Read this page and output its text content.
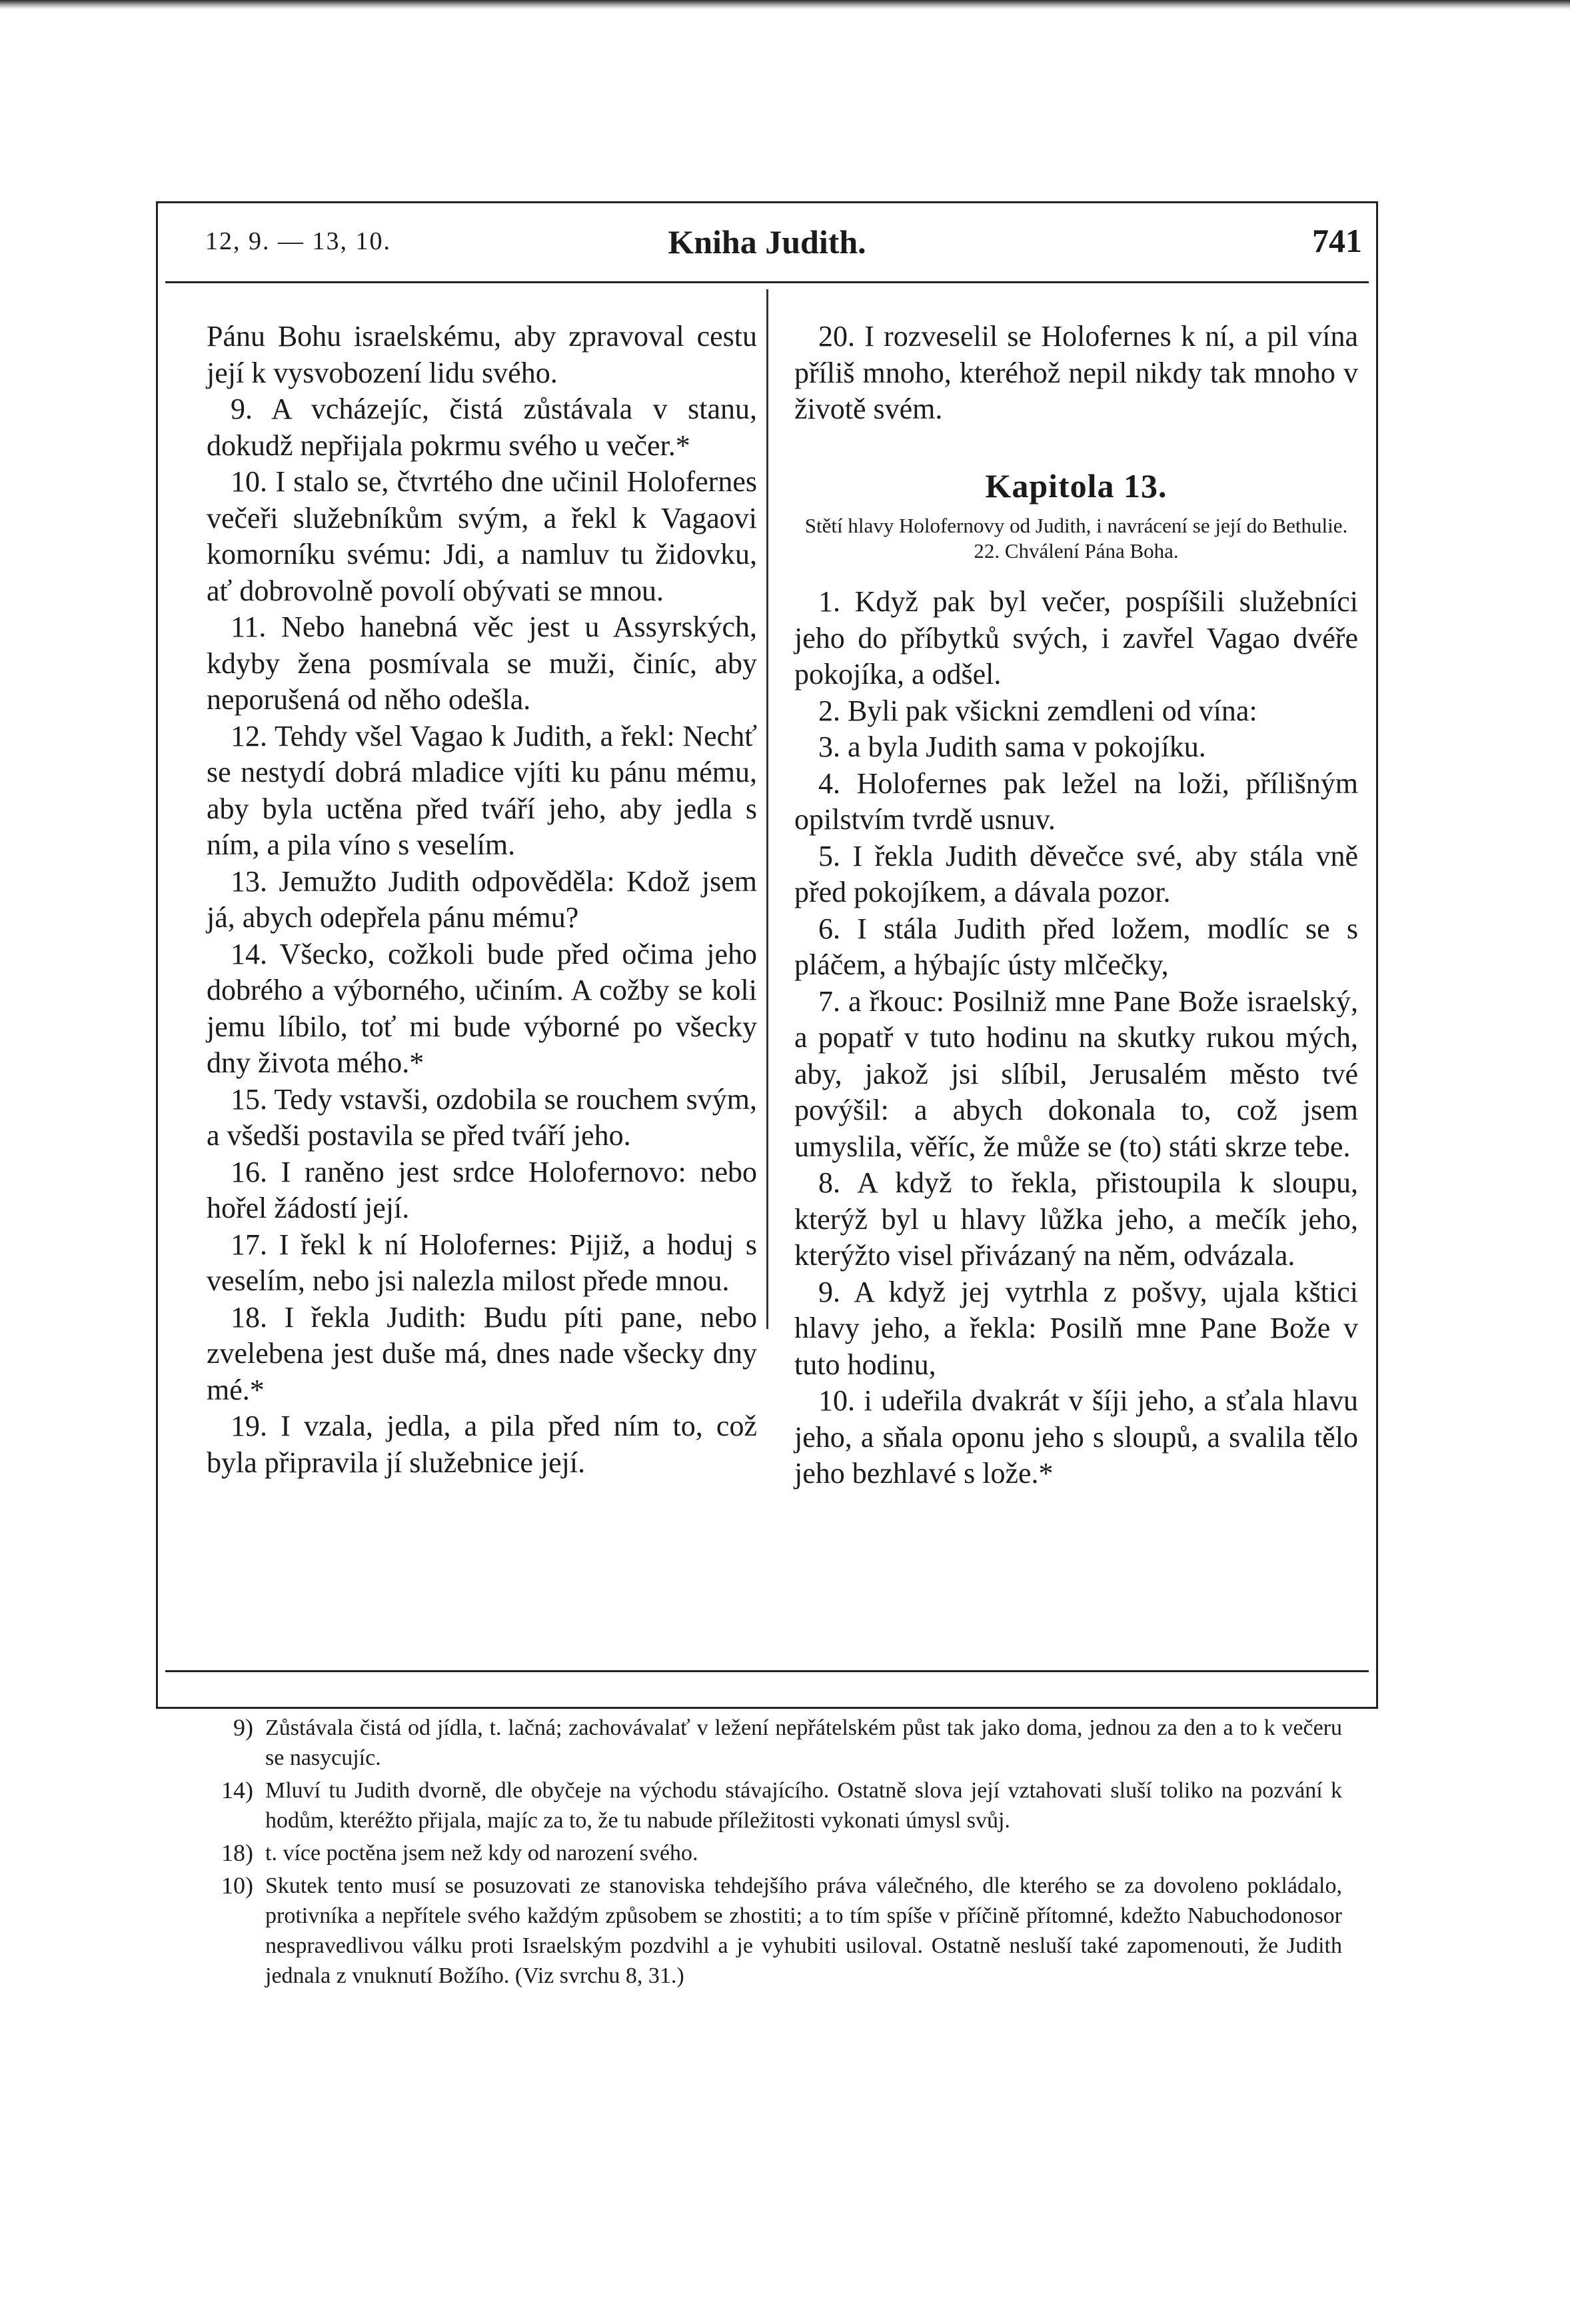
12, 9. — 13, 10.	Kniha Judith.	741

Pánu Bohu israelskému, aby zpravoval cestu její k vysvobození lidu svého.

9. A vcházejíc, čistá zůstávala v stanu, dokudž nepřijala pokrmu svého u večer.*

10. I stalo se, čtvrtého dne učinil Holofernes večeři služebníkům svým, a řekl k Vagaovi komorníku svému: Jdi, a namluv tu židovku, ať dobrovolně povolí obývati se mnou.

11. Nebo hanebná věc jest u Assyrských, kdyby žena posmívala se muži, činíc, aby neporušená od něho odešla.

12. Tehdy všel Vagao k Judith, a řekl: Nechť se nestydí dobrá mladice vjíti ku pánu mému, aby byla uctěna před tváří jeho, aby jedla s ním, a pila víno s veselím.

13. Jemužto Judith odpověděla: Kdož jsem já, abych odepřela pánu mému?

14. Všecko, cožkoli bude před očima jeho dobrého a výborného, učiním. A cožby se koli jemu líbilo, toť mi bude výborné po všecky dny života mého.*

15. Tedy vstavši, ozdobila se rouchem svým, a všedši postavila se před tváří jeho.

16. I raněno jest srdce Holofernovo: nebo hořel žádostí její.

17. I řekl k ní Holofernes: Pijiž, a hoduj s veselím, nebo jsi nalezla milost přede mnou.

18. I řekla Judith: Budu píti pane, nebo zvelebena jest duše má, dnes nade všecky dny mé.*

19. I vzala, jedla, a pila před ním to, což byla připravila jí služebnice její.

20. I rozveselil se Holofernes k ní, a pil vína příliš mnoho, kteréhož nepil nikdy tak mnoho v životě svém.

Kapitola 13.
Stětí hlavy Holofernovy od Judith, i navrácení se její do Bethulie. 22. Chválení Pána Boha.

1. Když pak byl večer, pospíšili služebníci jeho do příbytků svých, i zavřel Vagao dvéře pokojíka, a odšel.

2. Byli pak všickni zemdleni od vína:

3. a byla Judith sama v pokojíku.

4. Holofernes pak ležel na loži, přílišným opilstvím tvrdě usnuv.

5. I řekla Judith děvečce své, aby stála vně před pokojíkem, a dávala pozor.

6. I stála Judith před ložem, modlíc se s pláčem, a hýbajíc ústy mlčečky,

7. a řkouc: Posilniž mne Pane Bože israelský, a popatř v tuto hodinu na skutky rukou mých, aby, jakož jsi slíbil, Jerusalém město tvé povýšil: a abych dokonala to, což jsem umyslila, věříc, že může se (to) státi skrze tebe.

8. A když to řekla, přistoupila k sloupu, kterýž byl u hlavy lůžka jeho, a mečík jeho, kterýžto visel přivázaný na něm, odvázala.

9. A když jej vytrhla z pošvy, ujala kštici hlavy jeho, a řekla: Posilň mne Pane Bože v tuto hodinu,

10. i udeřila dvakrát v šíji jeho, a sťala hlavu jeho, a sňala oponu jeho s sloupů, a svalila tělo jeho bezhlavé s lože.*

9) Zůstávala čistá od jídla, t. lačná; zachovávalať v ležení nepřátelském půst tak jako doma, jednou za den a to k večeru se nasycujíc.
14) Mluví tu Judith dvorně, dle obyčeje na východu stávajícího. Ostatně slova její vztahovati sluší toliko na pozvání k hodům, kteréžto přijala, majíc za to, že tu nabude příležitosti vykonati úmysl svůj.
18) t. více poctěna jsem než kdy od narození svého.
10) Skutek tento musí se posuzovati ze stanoviska tehdejšího práva válečného, dle kterého se za dovoleno pokládalo, protivníka a nepřítele svého každým způsobem se zhostiti; a to tím spíše v příčině přítomné, kdežto Nabuchodonosor nespravedlivou válku proti Israelským pozdvihl a je vyhubiti usiloval. Ostatně nesluší také zapomenouti, že Judith jednala z vnuknutí Božího. (Viz svrchu 8, 31.)
